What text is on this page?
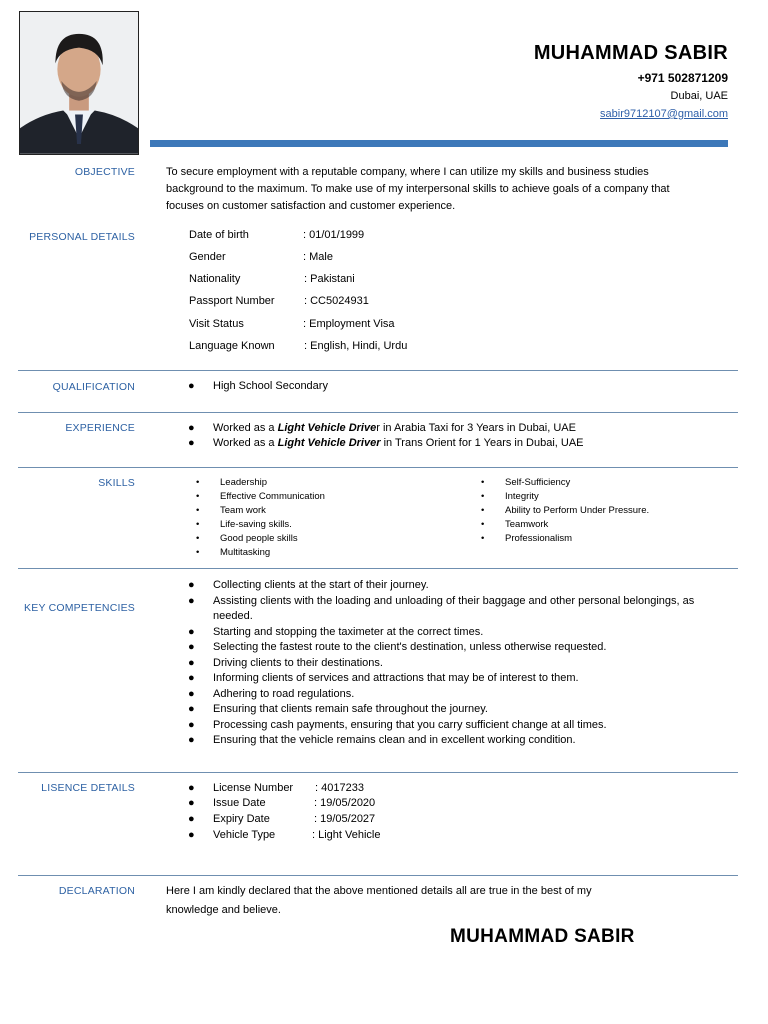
MUHAMMAD SABIR
+971 502871209
Dubai, UAE
sabir9712107@gmail.com
OBJECTIVE	To secure employment with a reputable company, where I can utilize my skills and business studies background to the maximum. To make use of my interpersonal skills to achieve goals of a company that focuses on customer satisfaction and customer experience.
PERSONAL DETAILS	Date of birth	: 01/01/1999
Gender	: Male
Nationality	: Pakistani
Passport Number	: CC5024931
Visit Status	: Employment Visa
Language Known	: English, Hindi, Urdu
QUALIFICATION	● High School Secondary
EXPERIENCE	● Worked as a Light Vehicle Driver in Arabia Taxi for 3 Years in Dubai, UAE
● Worked as a Light Vehicle Driver in Trans Orient for 1 Years in Dubai, UAE
SKILLS	• Leadership
• Effective Communication
• Team work
• Life-saving skills.
• Good people skills
• Multitasking
• Self-Sufficiency
• Integrity
• Ability to Perform Under Pressure.
• Teamwork
• Professionalism
KEY COMPETENCIES
● Collecting clients at the start of their journey.
● Assisting clients with the loading and unloading of their baggage and other personal belongings, as needed.
● Starting and stopping the taximeter at the correct times.
● Selecting the fastest route to the client's destination, unless otherwise requested.
● Driving clients to their destinations.
● Informing clients of services and attractions that may be of interest to them.
● Adhering to road regulations.
● Ensuring that clients remain safe throughout the journey.
● Processing cash payments, ensuring that you carry sufficient change at all times.
● Ensuring that the vehicle remains clean and in excellent working condition.
LISENCE DETAILS	● License Number : 4017233
● Issue Date	: 19/05/2020
● Expiry Date	: 19/05/2027
● Vehicle Type	: Light Vehicle
DECLARATION	Here I am kindly declared that the above mentioned details all are true in the best of my knowledge and believe.
MUHAMMAD SABIR
